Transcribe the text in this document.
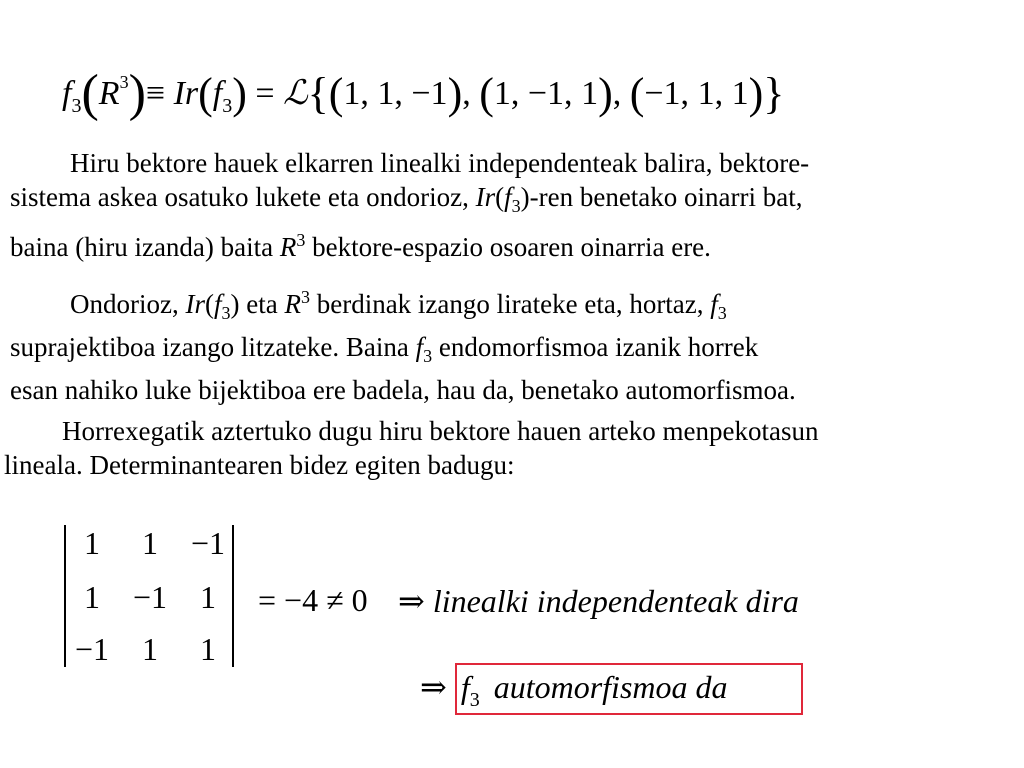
$f_3(R^3)\equiv Ir(f_3)$ = ℒ{(1, 1, −1), (1, −1, 1), (−1, 1, 1)}
Hiru bektore hauek elkarren linealki independenteak balira, bektore-
sistema askea osatuko lukete eta ondorioz, $Ir(f_3)$-ren benetako oinarri bat,
baina (hiru izanda) baita $R^3$ bektore-espazio osoaren oinarria ere.
Ondorioz, $Ir(f_3)$ eta $R^3$ berdinak izango lirateke eta, hortaz, $f_3$
suprajektiboa izango litzateke. Baina $f_3$ endomorfismoa izanik horrek
esan nahiko luke bijektiboa ere badela, hau da, benetako automorfismoa.
Horrexegatik aztertuko dugu hiru bektore hauen arteko menpekotasun
lineala. Determinantearen bidez egiten badugu:
1	1	−1
1	−1	1
−1	1	1
= −4 ≠ 0 ⇒ linealki independenteak dira
⇒ $f_3$ automorfismoa da
